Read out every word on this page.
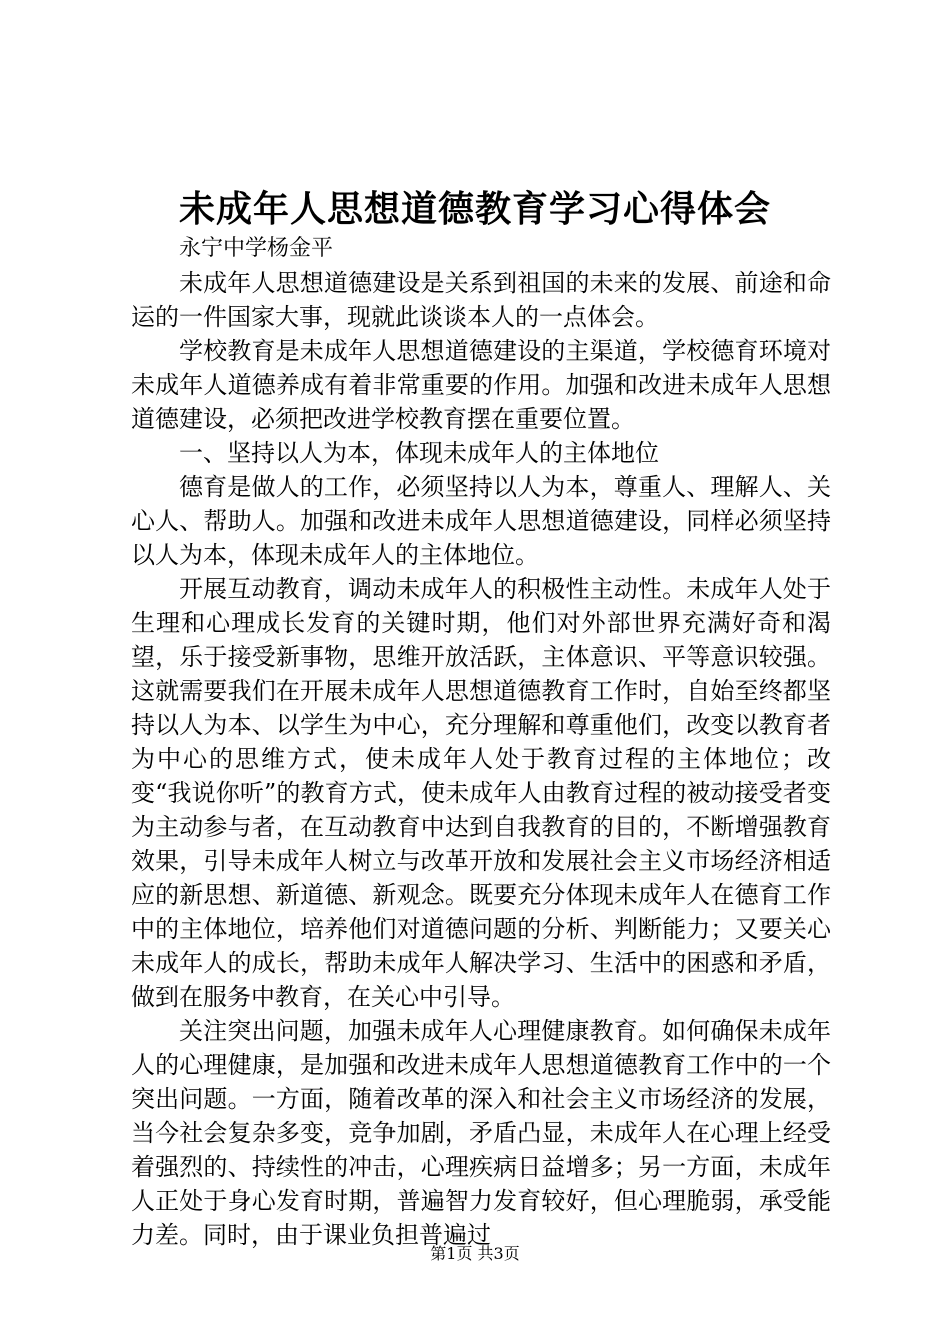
未成年人思想道德教育学习心得体会

永宁中学杨金平

未成年人思想道德建设是关系到祖国的未来的发展、前途和命运的一件国家大事，现就此谈谈本人的一点体会。

学校教育是未成年人思想道德建设的主渠道，学校德育环境对未成年人道德养成有着非常重要的作用。加强和改进未成年人思想道德建设，必须把改进学校教育摆在重要位置。

一、坚持以人为本，体现未成年人的主体地位

德育是做人的工作，必须坚持以人为本，尊重人、理解人、关心人、帮助人。加强和改进未成年人思想道德建设，同样必须坚持以人为本，体现未成年人的主体地位。

开展互动教育，调动未成年人的积极性主动性。未成年人处于生理和心理成长发育的关键时期，他们对外部世界充满好奇和渴望，乐于接受新事物，思维开放活跃，主体意识、平等意识较强。这就需要我们在开展未成年人思想道德教育工作时，自始至终都坚持以人为本、以学生为中心，充分理解和尊重他们，改变以教育者为中心的思维方式，使未成年人处于教育过程的主体地位；改变“我说你听”的教育方式，使未成年人由教育过程的被动接受者变为主动参与者，在互动教育中达到自我教育的目的，不断增强教育效果，引导未成年人树立与改革开放和发展社会主义市场经济相适应的新思想、新道德、新观念。既要充分体现未成年人在德育工作中的主体地位，培养他们对道德问题的分析、判断能力；又要关心未成年人的成长，帮助未成年人解决学习、生活中的困惑和矛盾，做到在服务中教育，在关心中引导。

关注突出问题，加强未成年人心理健康教育。如何确保未成年人的心理健康，是加强和改进未成年人思想道德教育工作中的一个突出问题。一方面，随着改革的深入和社会主义市场经济的发展，当今社会复杂多变，竞争加剧，矛盾凸显，未成年人在心理上经受着强烈的、持续性的冲击，心理疾病日益增多；另一方面，未成年人正处于身心发育时期，普遍智力发育较好，但心理脆弱，承受能力差。同时，由于课业负担普遍过

第1页 共3页
